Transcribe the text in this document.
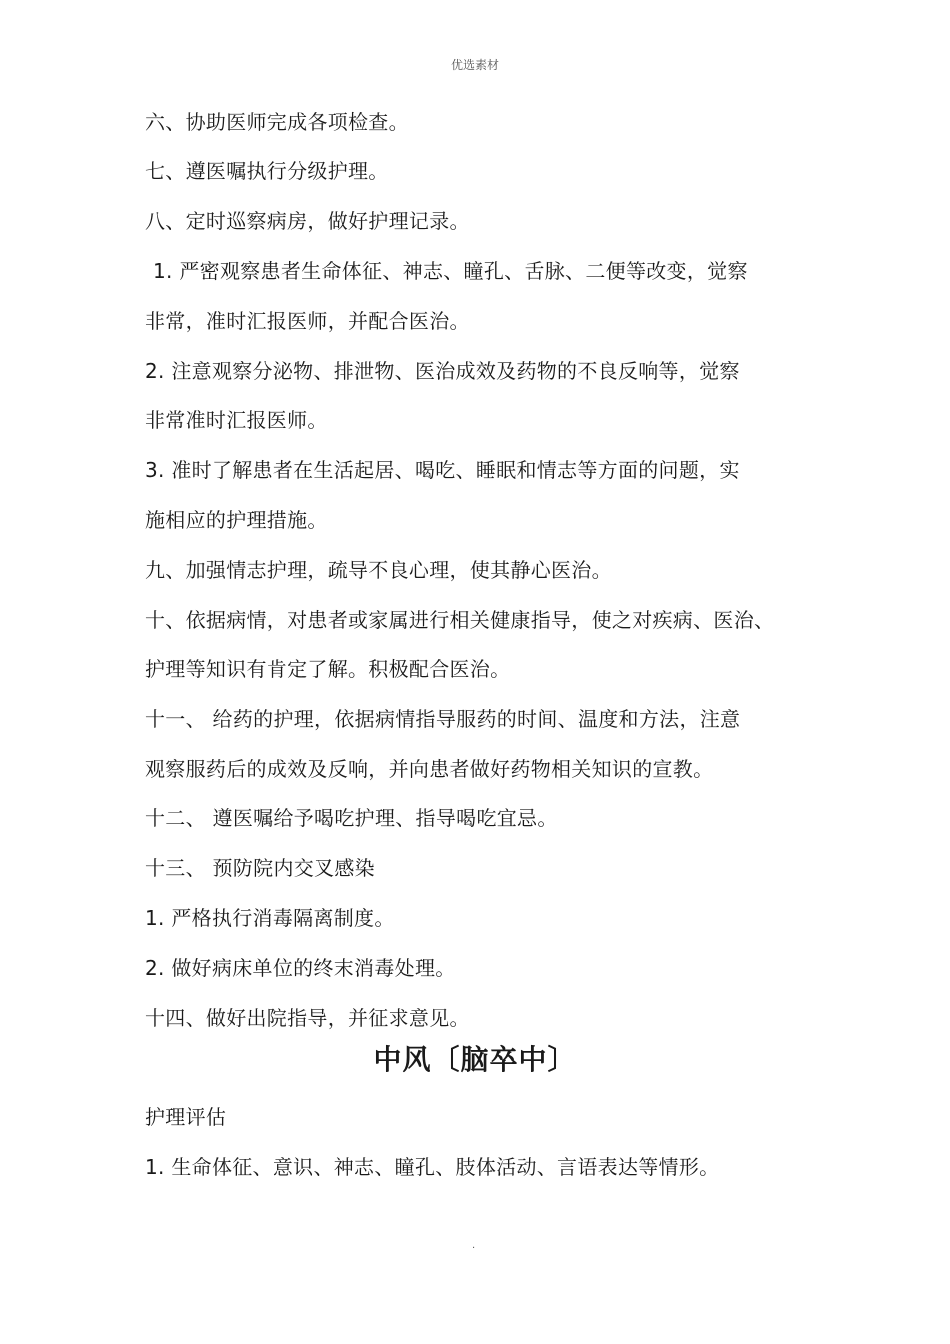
优选素材
六、协助医师完成各项检查。
七、遵医嘱执行分级护理。
八、定时巡察病房，做好护理记录。
1. 严密观察患者生命体征、神志、瞳孔、舌脉、二便等改变，觉察
非常，准时汇报医师，并配合医治。
2. 注意观察分泌物、排泄物、医治成效及药物的不良反响等，觉察
非常准时汇报医师。
3. 准时了解患者在生活起居、喝吃、睡眠和情志等方面的问题，实
施相应的护理措施。
九、加强情志护理，疏导不良心理，使其静心医治。
十、依据病情，对患者或家属进行相关健康指导，使之对疾病、医治、
护理等知识有肯定了解。积极配合医治。
十一、 给药的护理，依据病情指导服药的时间、温度和方法，注意
观察服药后的成效及反响，并向患者做好药物相关知识的宣教。
十二、 遵医嘱给予喝吃护理、指导喝吃宜忌。
十三、 预防院内交叉感染
1. 严格执行消毒隔离制度。
2. 做好病床单位的终末消毒处理。
十四、做好出院指导，并征求意见。
中风〔脑卒中〕
护理评估
1. 生命体征、意识、神志、瞳孔、肢体活动、言语表达等情形。
.
